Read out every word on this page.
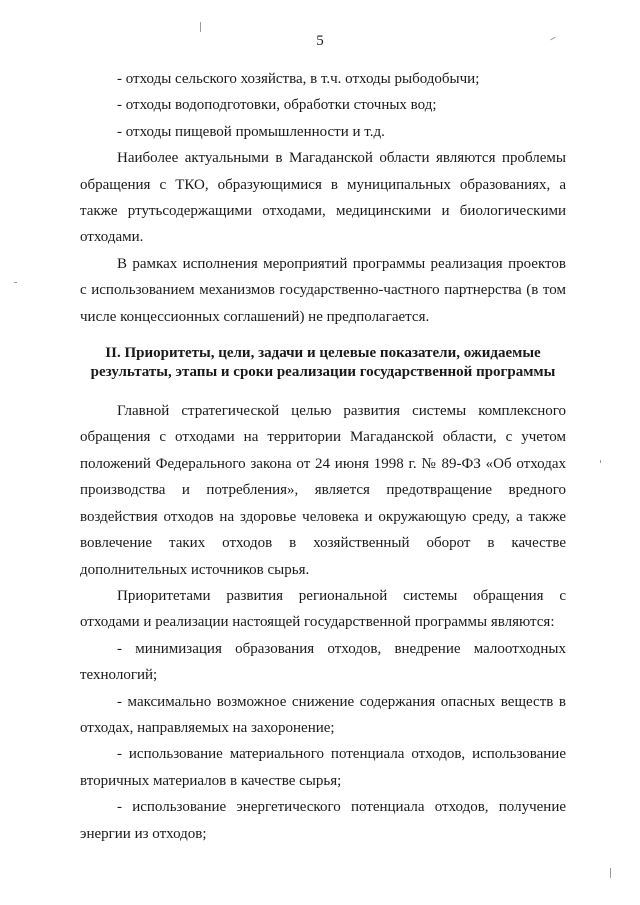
5

- отходы сельского хозяйства, в т.ч. отходы рыбодобычи;

- отходы водоподготовки, обработки сточных вод;

- отходы пищевой промышленности и т.д.

Наиболее актуальными в Магаданской области являются проблемы обращения с ТКО, образующимися в муниципальных образованиях, а также ртутьсодержащими отходами, медицинскими и биологическими отходами.

В рамках исполнения мероприятий программы реализация проектов с использованием механизмов государственно-частного партнерства (в том числе концессионных соглашений) не предполагается.

II. Приоритеты, цели, задачи и целевые показатели, ожидаемые результаты, этапы и сроки реализации государственной программы

Главной стратегической целью развития системы комплексного обращения с отходами на территории Магаданской области, с учетом положений Федерального закона от 24 июня 1998 г. № 89-ФЗ «Об отходах производства и потребления», является предотвращение вредного воздействия отходов на здоровье человека и окружающую среду, а также вовлечение таких отходов в хозяйственный оборот в качестве дополнительных источников сырья.

Приоритетами развития региональной системы обращения с отходами и реализации настоящей государственной программы являются:

- минимизация образования отходов, внедрение малоотходных технологий;

- максимально возможное снижение содержания опасных веществ в отходах, направляемых на захоронение;

- использование материального потенциала отходов, использование вторичных материалов в качестве сырья;

- использование энергетического потенциала отходов, получение энергии из отходов;
